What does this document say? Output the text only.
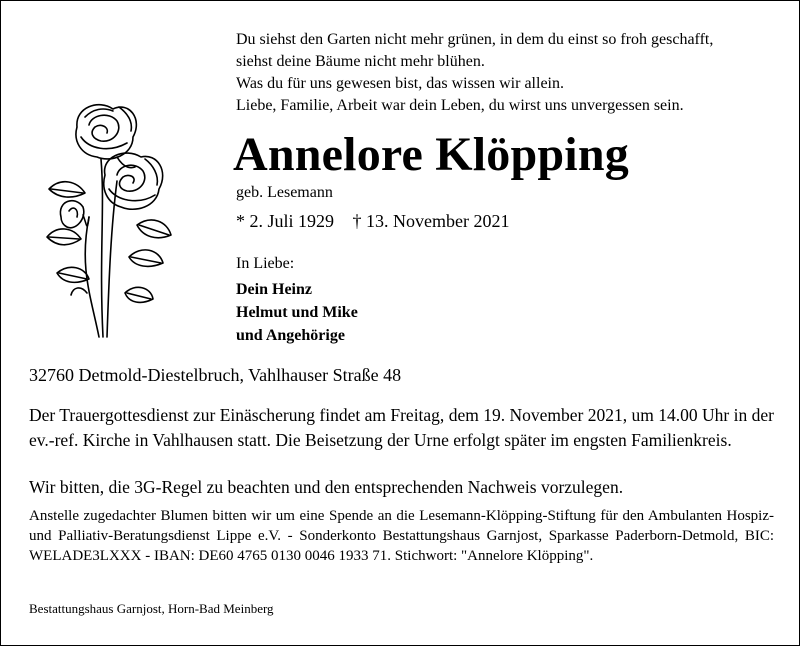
Du siehst den Garten nicht mehr grünen, in dem du einst so froh geschafft,
siehst deine Bäume nicht mehr blühen.
Was du für uns gewesen bist, das wissen wir allein.
Liebe, Familie, Arbeit war dein Leben, du wirst uns unvergessen sein.
Annelore Klöpping
geb. Lesemann
* 2. Juli 1929 † 13. November 2021
In Liebe:
Dein Heinz
Helmut und Mike
und Angehörige
32760 Detmold-Diestelbruch, Vahlhauser Straße 48
Der Trauergottesdienst zur Einäscherung findet am Freitag, dem 19. November 2021, um 14.00 Uhr in der ev.-ref. Kirche in Vahlhausen statt. Die Beisetzung der Urne erfolgt später im engsten Familienkreis.
Wir bitten, die 3G-Regel zu beachten und den entsprechenden Nachweis vorzulegen.
Anstelle zugedachter Blumen bitten wir um eine Spende an die Lesemann-Klöpping-Stiftung für den Ambulanten Hospiz- und Palliativ-Beratungsdienst Lippe e.V. - Sonderkonto Bestattungshaus Garnjost, Sparkasse Paderborn-Detmold, BIC: WELADE3LXXX - IBAN: DE60 4765 0130 0046 1933 71. Stichwort: "Annelore Klöpping".
Bestattungshaus Garnjost, Horn-Bad Meinberg
